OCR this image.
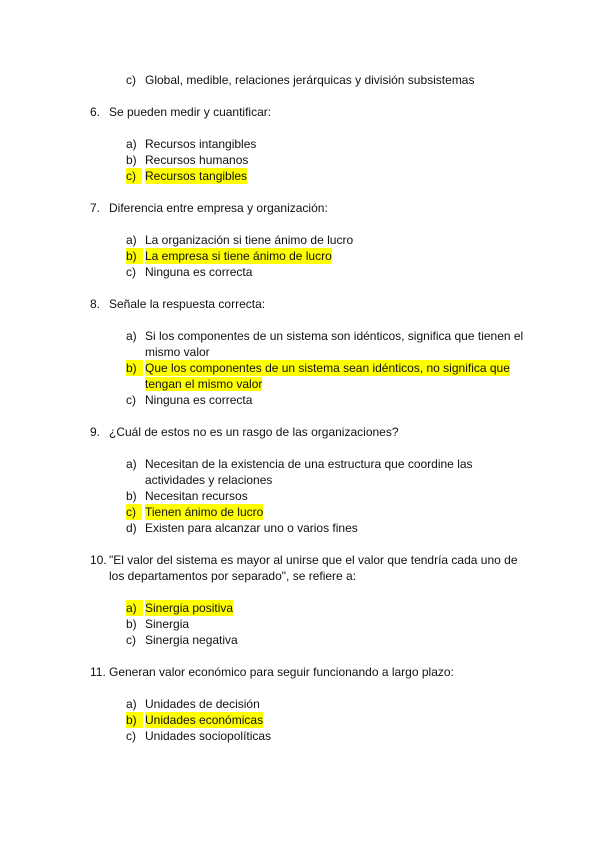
c) Global, medible, relaciones jerárquicas y división subsistemas
6. Se pueden medir y cuantificar:
a) Recursos intangibles
b) Recursos humanos
c) Recursos tangibles
7. Diferencia entre empresa y organización:
a) La organización si tiene ánimo de lucro
b) La empresa si tiene ánimo de lucro
c) Ninguna es correcta
8. Señale la respuesta correcta:
a) Si los componentes de un sistema son idénticos, significa que tienen el
mismo valor
b) Que los componentes de un sistema sean idénticos, no significa que
tengan el mismo valor
c) Ninguna es correcta
9. ¿Cuál de estos no es un rasgo de las organizaciones?
a) Necesitan de la existencia de una estructura que coordine las
actividades y relaciones
b) Necesitan recursos
c) Tienen ánimo de lucro
d) Existen para alcanzar uno o varios fines
10. "El valor del sistema es mayor al unirse que el valor que tendría cada uno de
los departamentos por separado", se refiere a:
a) Sinergia positiva
b) Sinergia
c) Sinergia negativa
11. Generan valor económico para seguir funcionando a largo plazo:
a) Unidades de decisión
b) Unidades económicas
c) Unidades sociopolíticas
